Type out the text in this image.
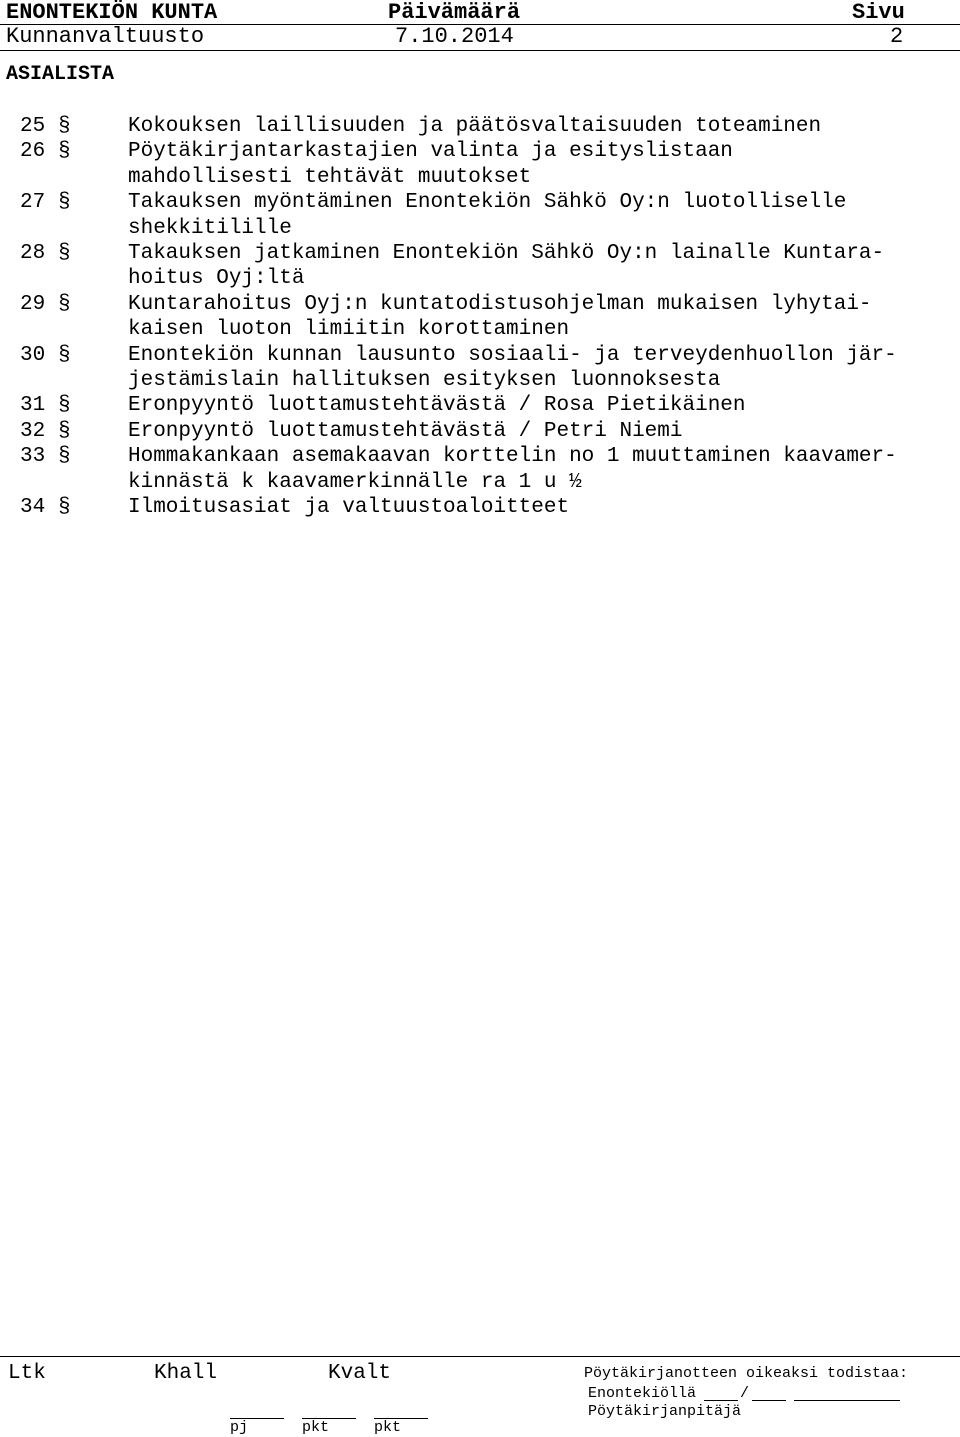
ENONTEKIÖN KUNTA	Päivämäärä	Sivu
Kunnanvaltuusto	7.10.2014	2
ASIALISTA
25 §	Kokouksen laillisuuden ja päätösvaltaisuuden toteaminen
26 §	Pöytäkirjantarkastajien valinta ja esityslistaan
mahdollisesti tehtävät muutokset
27 §	Takauksen myöntäminen Enontekiön Sähkö Oy:n luotolliselle
shekkitilille
28 §	Takauksen jatkaminen Enontekiön Sähkö Oy:n lainalle Kuntara-
hoitus Oyj:ltä
29 §	Kuntarahoitus Oyj:n kuntatodistusohjelman mukaisen lyhytai-
kaisen luoton limiitin korottaminen
30 §	Enontekiön kunnan lausunto sosiaali- ja terveydenhuollon jär-
jestämislain hallituksen esityksen luonnoksesta
31 §	Eronpyyntö luottamustehtävästä / Rosa Pietikäinen
32 §	Eronpyyntö luottamustehtävästä / Petri Niemi
33 §	Hommakankaan asemakaavan korttelin no 1 muuttaminen kaavamer-
kinnästä k kaavamerkinnälle ra 1 u ½
34 §	Ilmoitusasiat ja valtuustoaloitteet
Ltk	Khall	Kvalt	Pöytäkirjanotteen oikeaksi todistaa:
Enontekiöllä	/
Pöytäkirjanpitäjä
pj	pkt	pkt
